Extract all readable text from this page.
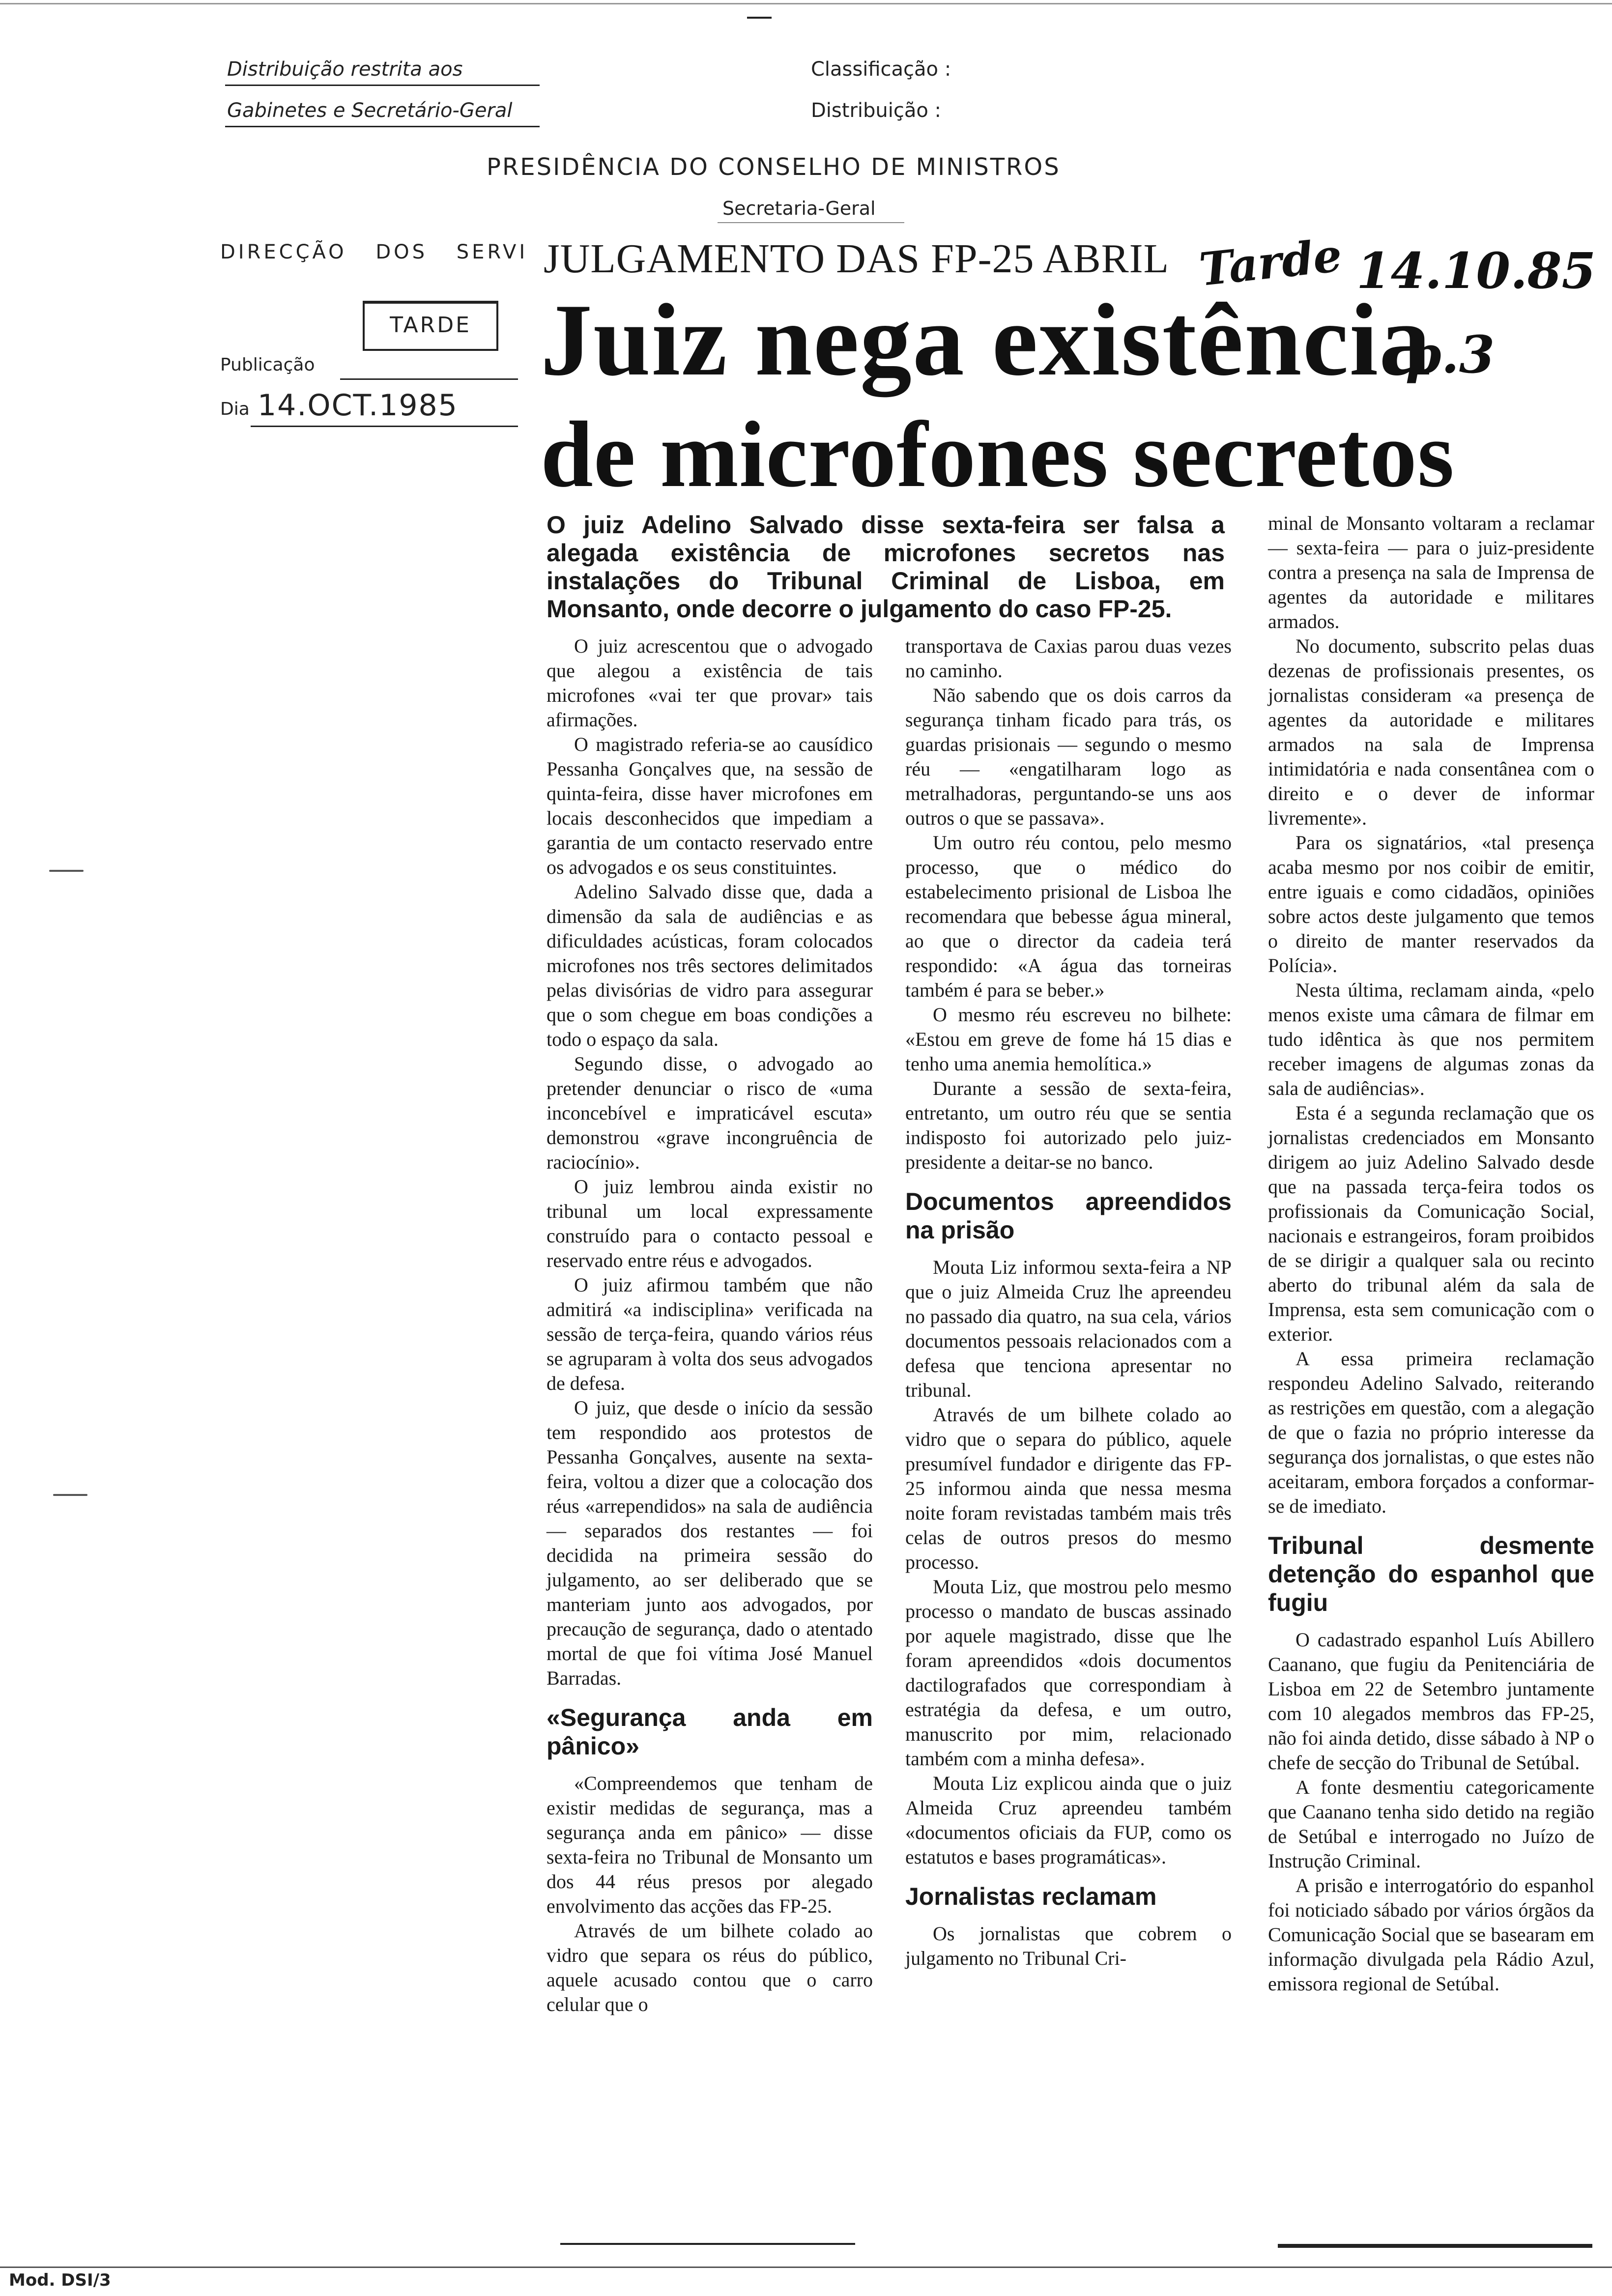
Distribuição restrita aos
Gabinetes e Secretário-Geral
Classificação :
Distribuição :
PRESIDÊNCIA DO CONSELHO DE MINISTROS
Secretaria-Geral
DIRECÇÃO DOS SERVI
TARDE
Publicação
Dia 14.OCT.1985
Tarde 14.10.85
p.3
JULGAMENTO DAS FP-25 ABRIL
Juiz nega existência
de microfones secretos
O juiz Adelino Salvado disse sexta-feira ser falsa a alegada existência de microfones secretos nas instalações do Tribunal Criminal de Lisboa, em Monsanto, onde decorre o julgamento do caso FP-25.

O juiz acrescentou que o advogado que alegou a existência de tais microfones «vai ter que provar» tais afirmações.

O magistrado referia-se ao causídico Pessanha Gonçalves que, na sessão de quinta-feira, disse haver microfones em locais desconhecidos que impediam a garantia de um contacto reservado entre os advogados e os seus constituintes.

Adelino Salvado disse que, dada a dimensão da sala de audiências e as dificuldades acústicas, foram colocados microfones nos três sectores delimitados pelas divisórias de vidro para assegurar que o som chegue em boas condições a todo o espaço da sala.

Segundo disse, o advogado ao pretender denunciar o risco de «uma inconcebível e impraticável escuta» demonstrou «grave incongruência de raciocínio».

O juiz lembrou ainda existir no tribunal um local expressamente construído para o contacto pessoal e reservado entre réus e advogados.

O juiz afirmou também que não admitirá «a indisciplina» verificada na sessão de terça-feira, quando vários réus se agruparam à volta dos seus advogados de defesa.

O juiz, que desde o início da sessão tem respondido aos protestos de Pessanha Gonçalves, ausente na sexta-feira, voltou a dizer que a colocação dos réus «arrependidos» na sala de audiência — separados dos restantes — foi decidida na primeira sessão do julgamento, ao ser deliberado que se manteriam junto aos advogados, por precaução de segurança, dado o atentado mortal de que foi vítima José Manuel Barradas.

«Segurança anda em pânico»

«Compreendemos que tenham de existir medidas de segurança, mas a segurança anda em pânico» — disse sexta-feira no Tribunal de Monsanto um dos 44 réus presos por alegado envolvimento das acções das FP-25.

Através de um bilhete colado ao vidro que separa os réus do público, aquele acusado contou que o carro celular que o

transportava de Caxias parou duas vezes no caminho.

Não sabendo que os dois carros da segurança tinham ficado para trás, os guardas prisionais — segundo o mesmo réu — «engatilharam logo as metralhadoras, perguntando-se uns aos outros o que se passava».

Um outro réu contou, pelo mesmo processo, que o médico do estabelecimento prisional de Lisboa lhe recomendara que bebesse água mineral, ao que o director da cadeia terá respondido: «A água das torneiras também é para se beber.»

O mesmo réu escreveu no bilhete: «Estou em greve de fome há 15 dias e tenho uma anemia hemolítica.»

Durante a sessão de sexta-feira, entretanto, um outro réu que se sentia indisposto foi autorizado pelo juiz-presidente a deitar-se no banco.

Documentos apreendidos na prisão

Mouta Liz informou sexta-feira a NP que o juiz Almeida Cruz lhe apreendeu no passado dia quatro, na sua cela, vários documentos pessoais relacionados com a defesa que tenciona apresentar no tribunal.

Através de um bilhete colado ao vidro que o separa do público, aquele presumível fundador e dirigente das FP-25 informou ainda que nessa mesma noite foram revistadas também mais três celas de outros presos do mesmo processo.

Mouta Liz, que mostrou pelo mesmo processo o mandato de buscas assinado por aquele magistrado, disse que lhe foram apreendidos «dois documentos dactilografados que correspondiam à estratégia da defesa, e um outro, manuscrito por mim, relacionado também com a minha defesa».

Mouta Liz explicou ainda que o juiz Almeida Cruz apreendeu também «documentos oficiais da FUP, como os estatutos e bases programáticas».

Jornalistas reclamam

Os jornalistas que cobrem o julgamento no Tribunal Cri-

minal de Monsanto voltaram a reclamar — sexta-feira — para o juiz-presidente contra a presença na sala de Imprensa de agentes da autoridade e militares armados.

No documento, subscrito pelas duas dezenas de profissionais presentes, os jornalistas consideram «a presença de agentes da autoridade e militares armados na sala de Imprensa intimidatória e nada consentânea com o direito e o dever de informar livremente».

Para os signatários, «tal presença acaba mesmo por nos coibir de emitir, entre iguais e como cidadãos, opiniões sobre actos deste julgamento que temos o direito de manter reservados da Polícia».

Nesta última, reclamam ainda, «pelo menos existe uma câmara de filmar em tudo idêntica às que nos permitem receber imagens de algumas zonas da sala de audiências».

Esta é a segunda reclamação que os jornalistas credenciados em Monsanto dirigem ao juiz Adelino Salvado desde que na passada terça-feira todos os profissionais da Comunicação Social, nacionais e estrangeiros, foram proibidos de se dirigir a qualquer sala ou recinto aberto do tribunal além da sala de Imprensa, esta sem comunicação com o exterior.

A essa primeira reclamação respondeu Adelino Salvado, reiterando as restrições em questão, com a alegação de que o fazia no próprio interesse da segurança dos jornalistas, o que estes não aceitaram, embora forçados a conformar-se de imediato.

Tribunal desmente detenção do espanhol que fugiu

O cadastrado espanhol Luís Abillero Caanano, que fugiu da Penitenciária de Lisboa em 22 de Setembro juntamente com 10 alegados membros das FP-25, não foi ainda detido, disse sábado à NP o chefe de secção do Tribunal de Setúbal.

A fonte desmentiu categoricamente que Caanano tenha sido detido na região de Setúbal e interrogado no Juízo de Instrução Criminal.

A prisão e interrogatório do espanhol foi noticiado sábado por vários órgãos da Comunicação Social que se basearam em informação divulgada pela Rádio Azul, emissora regional de Setúbal.

Mod. DSI/3
